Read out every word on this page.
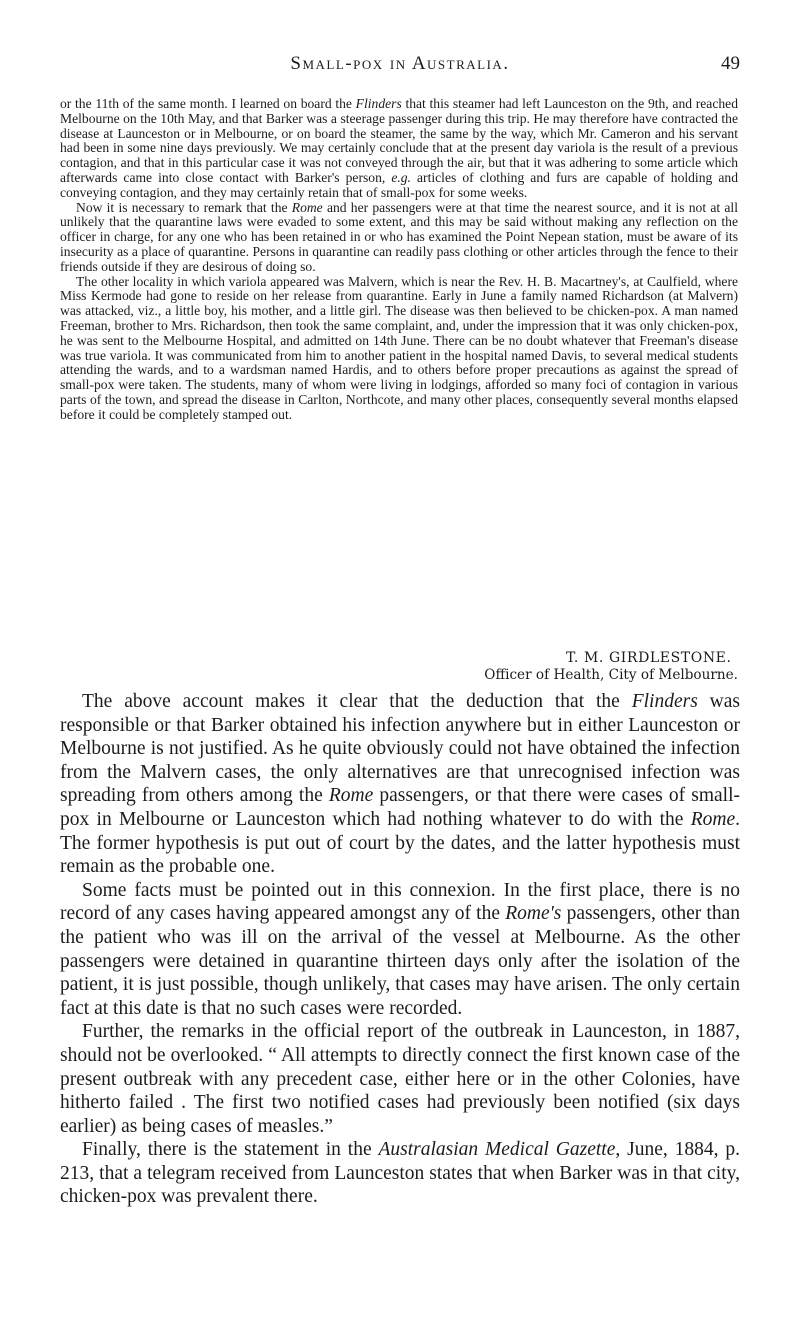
Small-pox in Australia.	49

or the 11th of the same month. I learned on board the Flinders that this steamer had left Launceston on the 9th, and reached Melbourne on the 10th May, and that Barker was a steerage passenger during this trip. He may therefore have contracted the disease at Launceston or in Melbourne, or on board the steamer, the same by the way, which Mr. Cameron and his servant had been in some nine days previously. We may certainly conclude that at the present day variola is the result of a previous contagion, and that in this particular case it was not conveyed through the air, but that it was adhering to some article which afterwards came into close contact with Barker's person, e.g. articles of clothing and furs are capable of holding and conveying contagion, and they may certainly retain that of small-pox for some weeks.

Now it is necessary to remark that the Rome and her passengers were at that time the nearest source, and it is not at all unlikely that the quarantine laws were evaded to some extent, and this may be said without making any reflection on the officer in charge, for any one who has been retained in or who has examined the Point Nepean station, must be aware of its insecurity as a place of quarantine. Persons in quarantine can readily pass clothing or other articles through the fence to their friends outside if they are desirous of doing so.

The other locality in which variola appeared was Malvern, which is near the Rev. H. B. Macartney's, at Caulfield, where Miss Kermode had gone to reside on her release from quarantine. Early in June a family named Richardson (at Malvern) was attacked, viz., a little boy, his mother, and a little girl. The disease was then believed to be chicken-pox. A man named Freeman, brother to Mrs. Richardson, then took the same complaint, and, under the impression that it was only chicken-pox, he was sent to the Melbourne Hospital, and admitted on 14th June. There can be no doubt whatever that Freeman's disease was true variola. It was communicated from him to another patient in the hospital named Davis, to several medical students attending the wards, and to a wardsman named Hardis, and to others before proper precautions as against the spread of small-pox were taken. The students, many of whom were living in lodgings, afforded so many foci of contagion in various parts of the town, and spread the disease in Carlton, Northcote, and many other places, consequently several months elapsed before it could be completely stamped out.

T. M. GIRDLESTONE.
Officer of Health, City of Melbourne.

The above account makes it clear that the deduction that the Flinders was responsible or that Barker obtained his infection anywhere but in either Launceston or Melbourne is not justified. As he quite obviously could not have obtained the infection from the Malvern cases, the only alternatives are that unrecognised infection was spreading from others among the Rome passengers, or that there were cases of small-pox in Melbourne or Launceston which had nothing whatever to do with the Rome. The former hypothesis is put out of court by the dates, and the latter hypothesis must remain as the probable one.

Some facts must be pointed out in this connexion. In the first place, there is no record of any cases having appeared amongst any of the Rome's passengers, other than the patient who was ill on the arrival of the vessel at Melbourne. As the other passengers were detained in quarantine thirteen days only after the isolation of the patient, it is just possible, though unlikely, that cases may have arisen. The only certain fact at this date is that no such cases were recorded.

Further, the remarks in the official report of the outbreak in Launceston, in 1887, should not be overlooked. “ All attempts to directly connect the first known case of the present outbreak with any precedent case, either here or in the other Colonies, have hitherto failed . The first two notified cases had previously been notified (six days earlier) as being cases of measles.”

Finally, there is the statement in the Australasian Medical Gazette, June, 1884, p. 213, that a telegram received from Launceston states that when Barker was in that city, chicken-pox was prevalent there.
